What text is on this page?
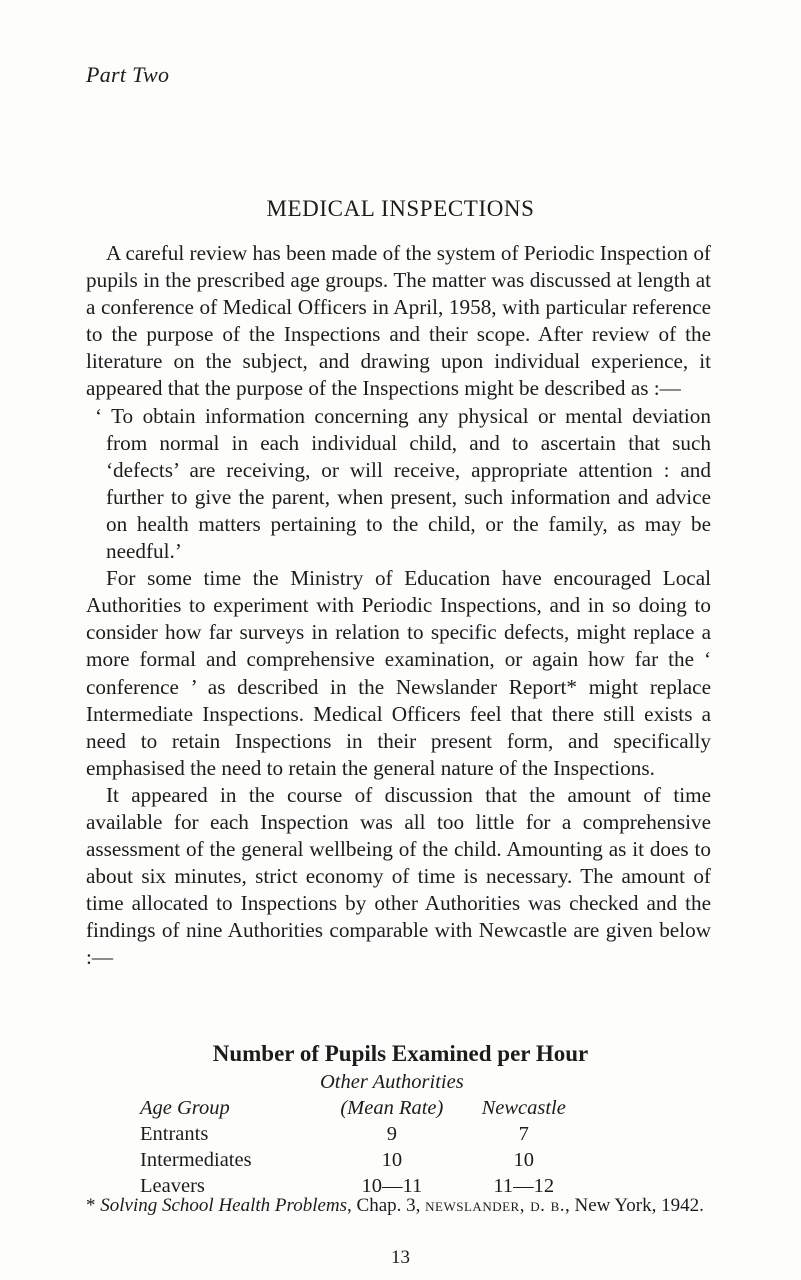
Part Two
MEDICAL INSPECTIONS

A careful review has been made of the system of Periodic Inspection of pupils in the prescribed age groups. The matter was discussed at length at a conference of Medical Officers in April, 1958, with particular reference to the purpose of the Inspections and their scope. After review of the literature on the subject, and drawing upon individual experience, it appeared that the purpose of the Inspections might be described as :—

‘ To obtain information concerning any physical or mental deviation from normal in each individual child, and to ascertain that such ‘defects’ are receiving, or will receive, appropriate attention : and further to give the parent, when present, such information and advice on health matters pertaining to the child, or the family, as may be needful.’

For some time the Ministry of Education have encouraged Local Authorities to experiment with Periodic Inspections, and in so doing to consider how far surveys in relation to specific defects, might replace a more formal and comprehensive examination, or again how far the ‘ conference ’ as described in the Newslander Report* might replace Intermediate Inspections. Medical Officers feel that there still exists a need to retain Inspections in their present form, and specifically emphasised the need to retain the general nature of the Inspections.

It appeared in the course of discussion that the amount of time available for each Inspection was all too little for a comprehensive assessment of the general wellbeing of the child. Amounting as it does to about six minutes, strict economy of time is necessary. The amount of time allocated to Inspections by other Authorities was checked and the findings of nine Authorities comparable with Newcastle are given below :—

Number of Pupils Examined per Hour
	Other Authorities	
Age Group	(Mean Rate)	Newcastle
Entrants	9	7
Intermediates	10	10
Leavers	10—11	11—12
* Solving School Health Problems, Chap. 3, newslander, d. b., New York, 1942.
13
